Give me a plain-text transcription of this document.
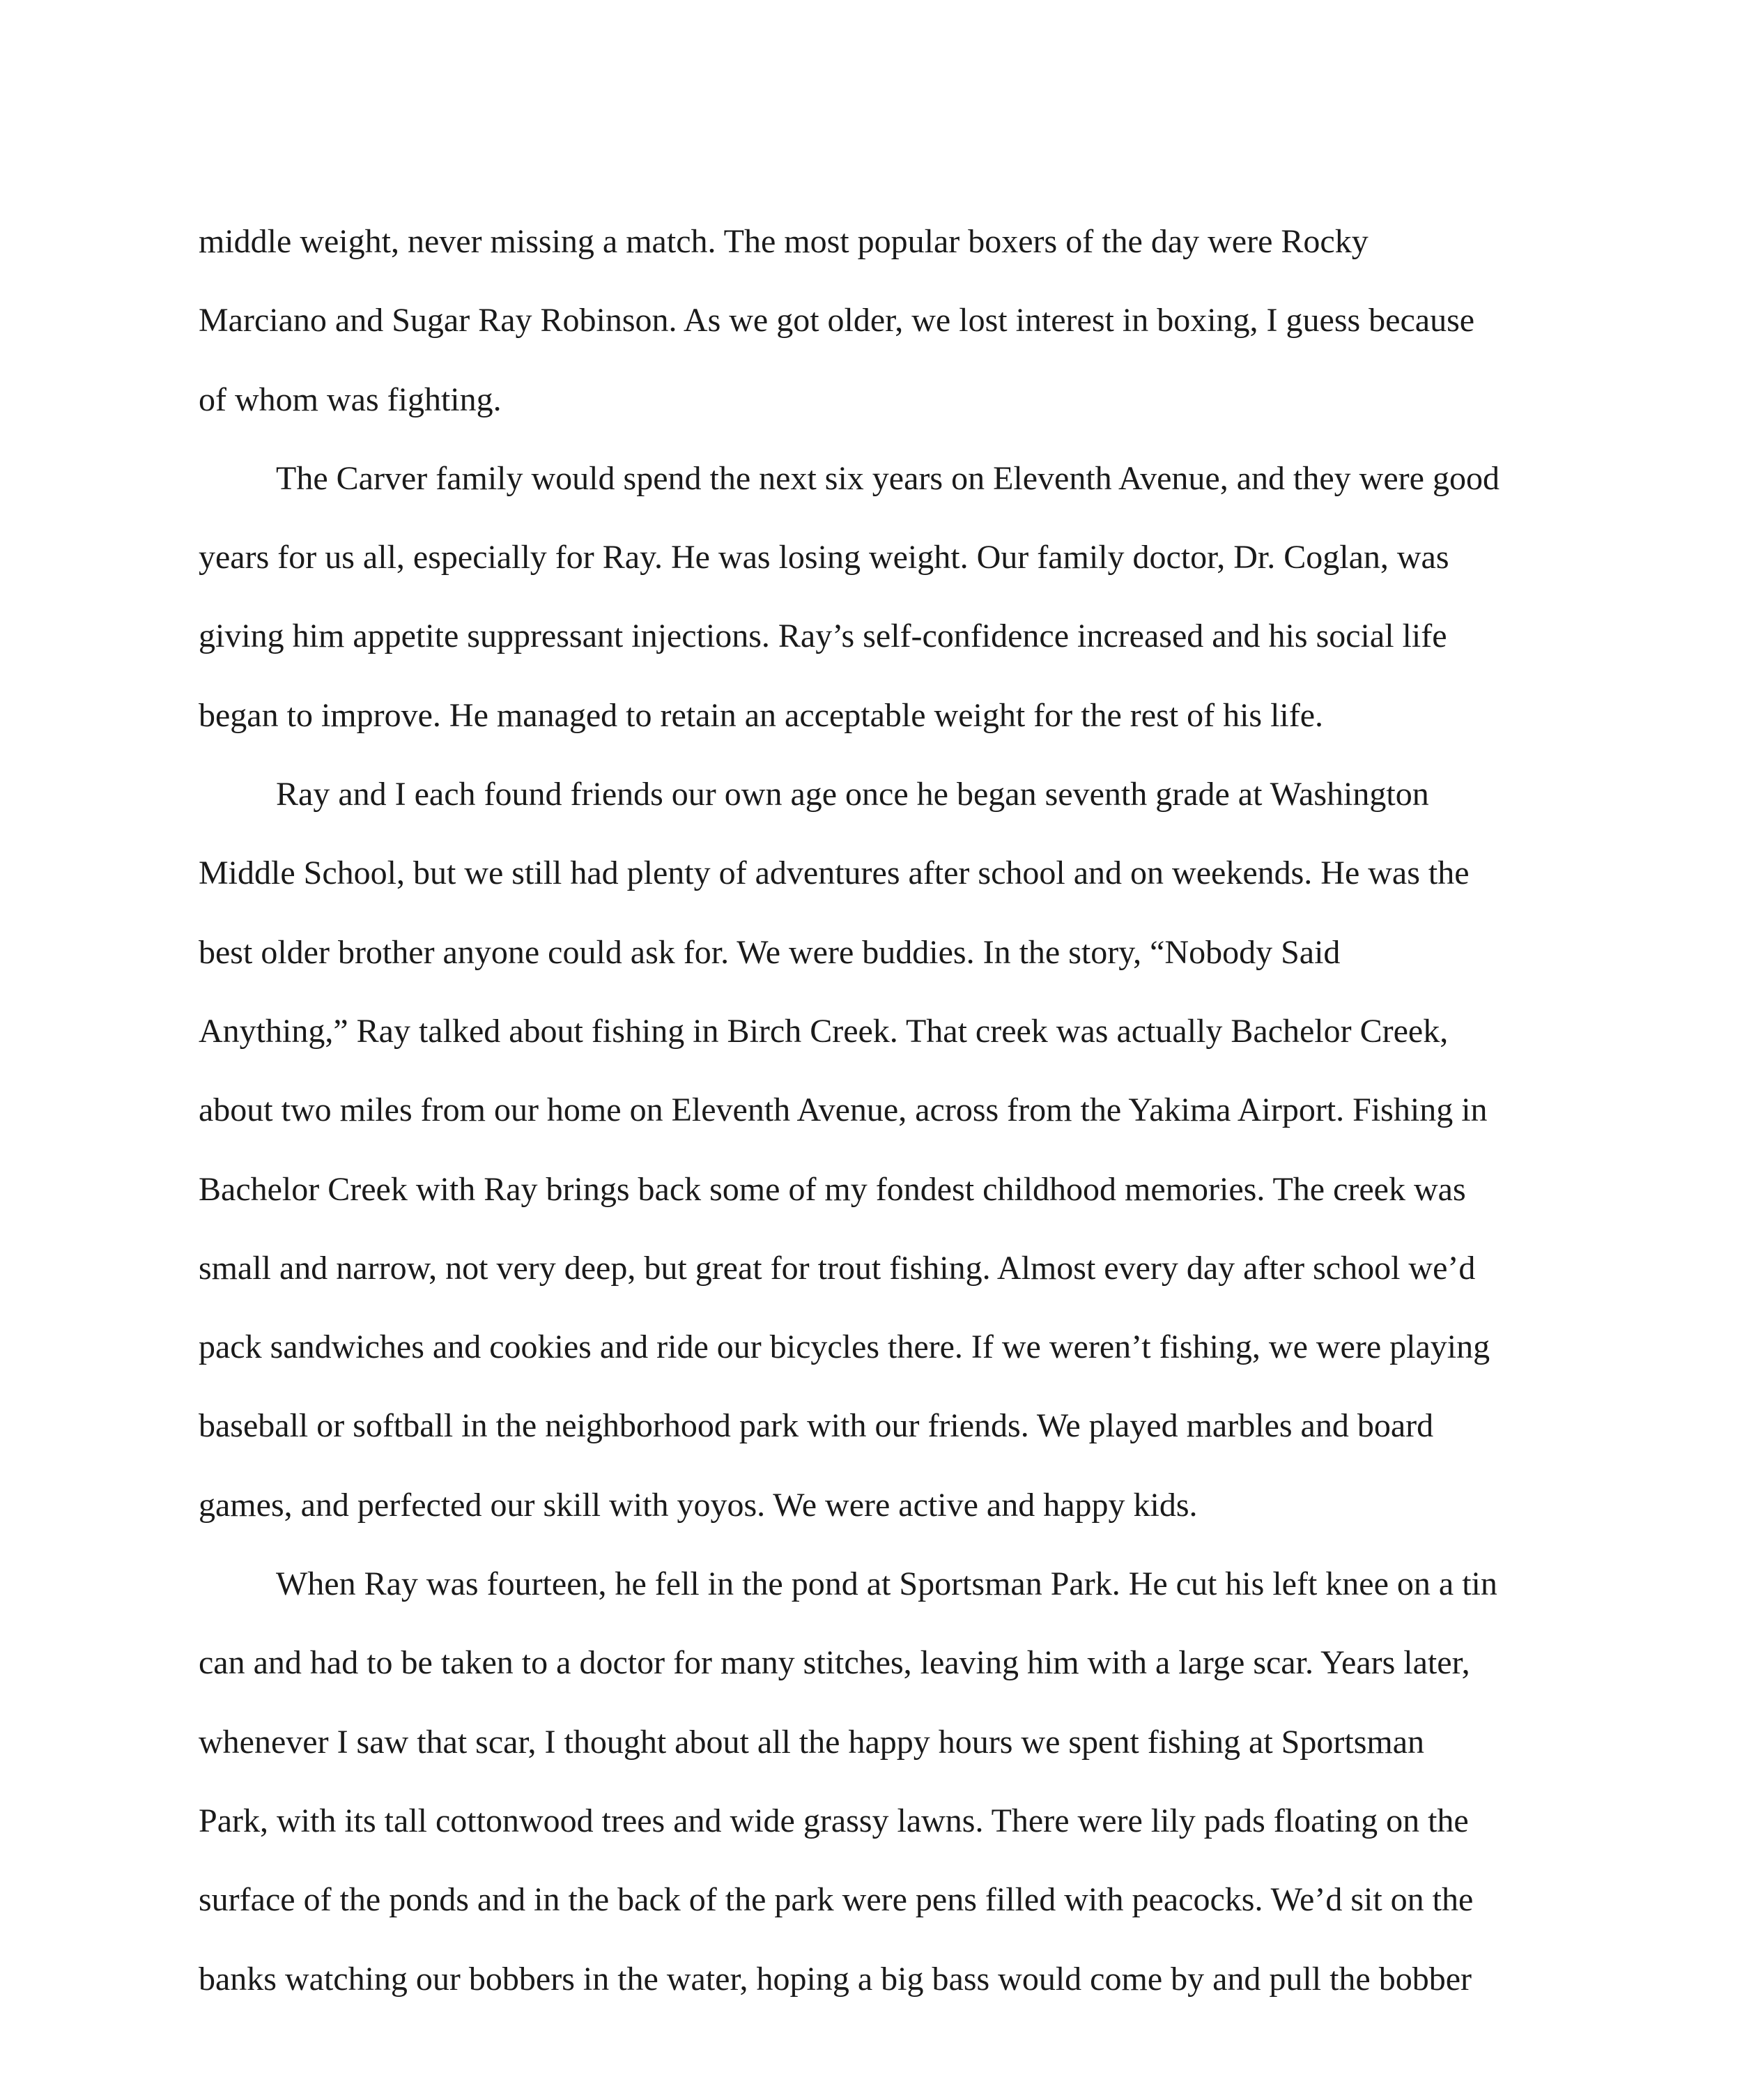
middle weight, never missing a match. The most popular boxers of the day were Rocky
Marciano and Sugar Ray Robinson. As we got older, we lost interest in boxing, I guess because
of whom was fighting.
The Carver family would spend the next six years on Eleventh Avenue, and they were good
years for us all, especially for Ray. He was losing weight. Our family doctor, Dr. Coglan, was
giving him appetite suppressant injections. Ray’s self-confidence increased and his social life
began to improve. He managed to retain an acceptable weight for the rest of his life.
Ray and I each found friends our own age once he began seventh grade at Washington
Middle School, but we still had plenty of adventures after school and on weekends. He was the
best older brother anyone could ask for. We were buddies. In the story, “Nobody Said
Anything,” Ray talked about fishing in Birch Creek. That creek was actually Bachelor Creek,
about two miles from our home on Eleventh Avenue, across from the Yakima Airport. Fishing in
Bachelor Creek with Ray brings back some of my fondest childhood memories. The creek was
small and narrow, not very deep, but great for trout fishing. Almost every day after school we’d
pack sandwiches and cookies and ride our bicycles there. If we weren’t fishing, we were playing
baseball or softball in the neighborhood park with our friends. We played marbles and board
games, and perfected our skill with yoyos. We were active and happy kids.
When Ray was fourteen, he fell in the pond at Sportsman Park. He cut his left knee on a tin
can and had to be taken to a doctor for many stitches, leaving him with a large scar. Years later,
whenever I saw that scar, I thought about all the happy hours we spent fishing at Sportsman
Park, with its tall cottonwood trees and wide grassy lawns. There were lily pads floating on the
surface of the ponds and in the back of the park were pens filled with peacocks. We’d sit on the
banks watching our bobbers in the water, hoping a big bass would come by and pull the bobber
